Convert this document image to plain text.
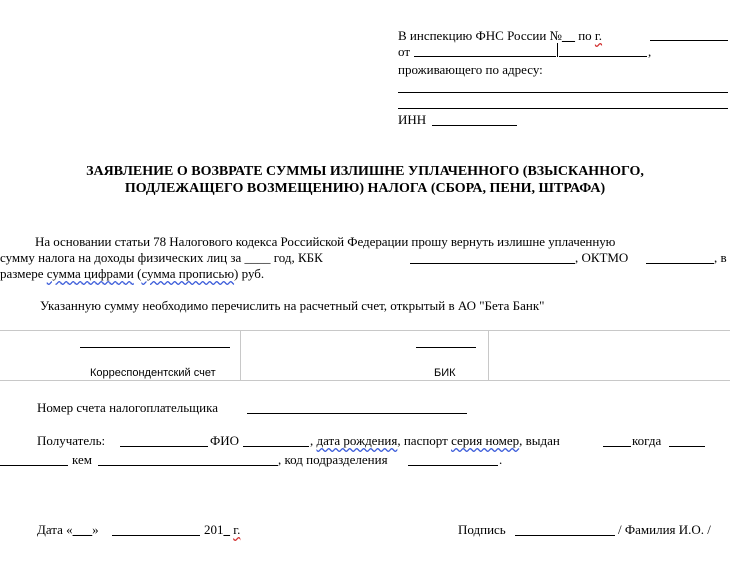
В инспекцию ФНС России №__ по г.
от	,
проживающего по адресу:
ИНН
ЗАЯВЛЕНИЕ О ВОЗВРАТЕ СУММЫ ИЗЛИШНЕ УПЛАЧЕННОГО (ВЗЫСКАННОГО,
ПОДЛЕЖАЩЕГО ВОЗМЕЩЕНИЮ) НАЛОГА (СБОРА, ПЕНИ, ШТРАФА)
На основании статьи 78 Налогового кодекса Российской Федерации прошу вернуть излишне уплаченную
сумму налога на доходы физических лиц за ____ год, КБК	, ОКТМО	, в
размере сумма цифрами (сумма прописью) руб.
Указанную сумму необходимо перечислить на расчетный счет, открытый в АО "Бета Банк"
Корреспондентский счет	БИК
Номер счета налогоплательщика
Получатель:	ФИО	, дата рождения, паспорт серия номер, выдан	когда
кем	, код подразделения	.
Дата «___»	201_ г.	Подпись	/ Фамилия И.О. /
